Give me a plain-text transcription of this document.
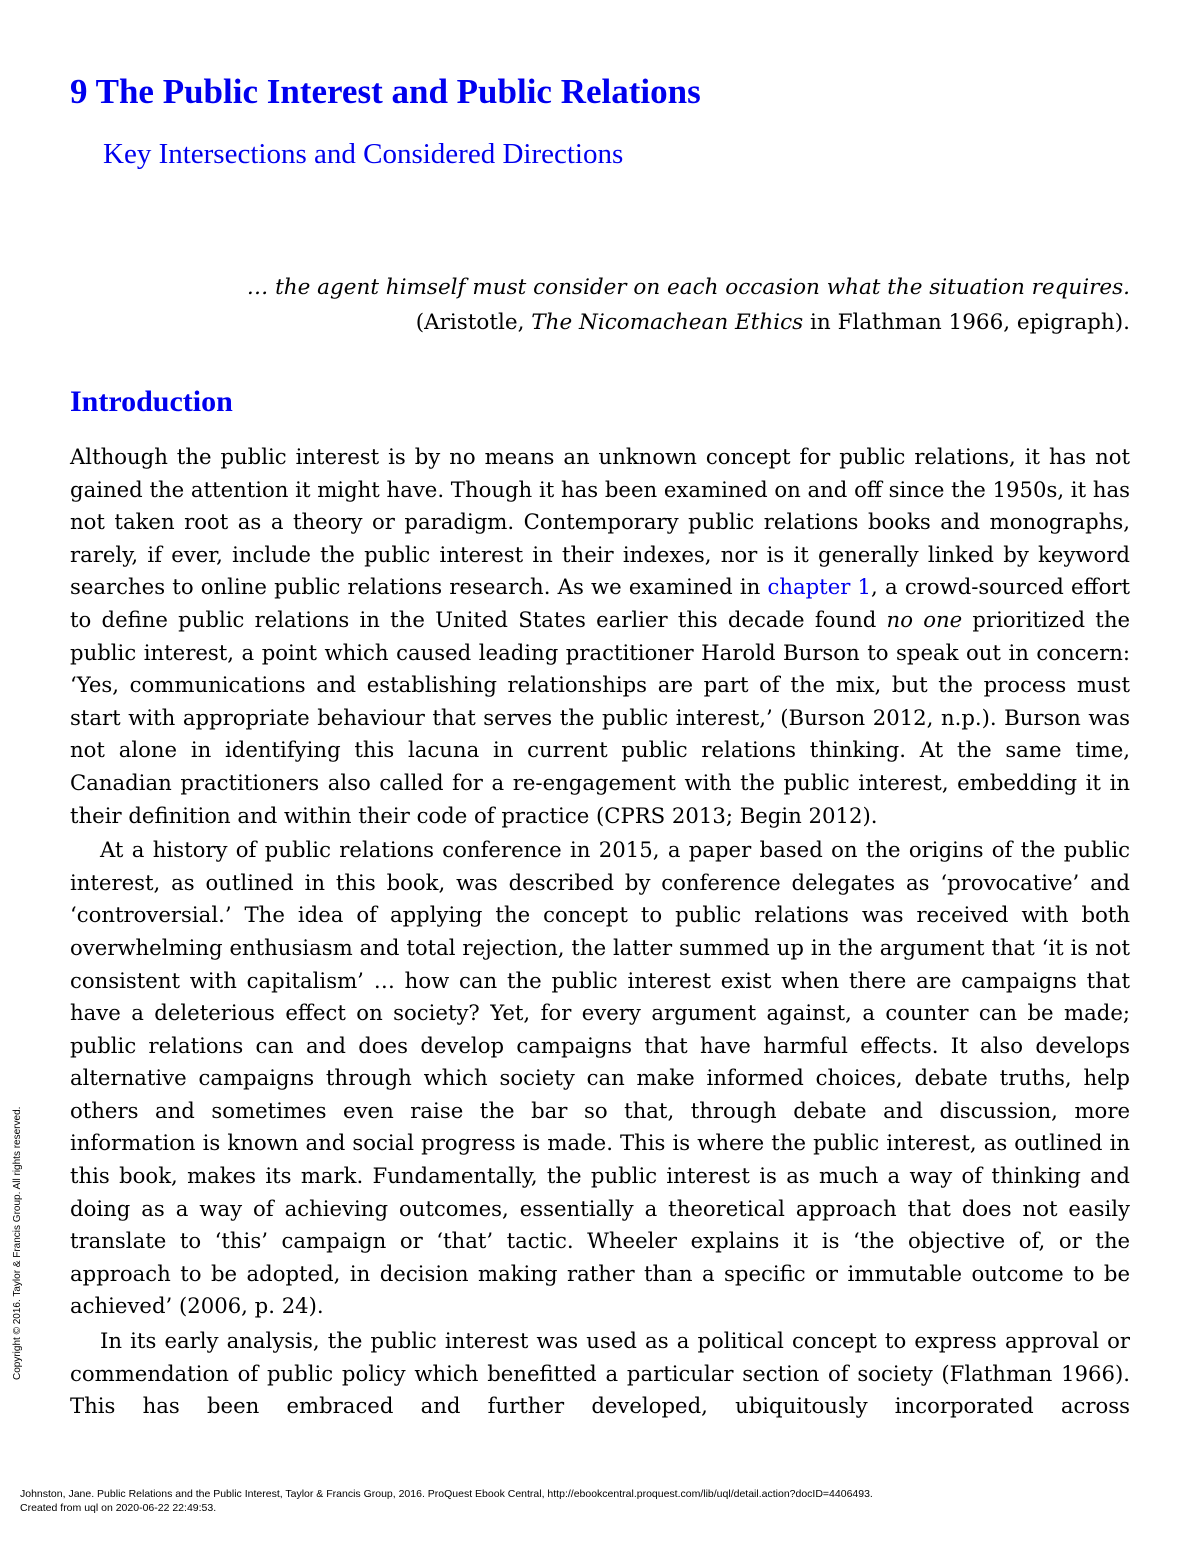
9 The Public Interest and Public Relations
Key Intersections and Considered Directions
… the agent himself must consider on each occasion what the situation requires.
(Aristotle, The Nicomachean Ethics in Flathman 1966, epigraph).
Introduction

Although the public interest is by no means an unknown concept for public relations, it has not gained the attention it might have. Though it has been examined on and off since the 1950s, it has not taken root as a theory or paradigm. Contemporary public relations books and monographs, rarely, if ever, include the public interest in their indexes, nor is it generally linked by keyword searches to online public relations research. As we examined in chapter 1, a crowd-sourced effort to define public relations in the United States earlier this decade found no one prioritized the public interest, a point which caused leading practitioner Harold Burson to speak out in concern: ‘Yes, communications and establishing relationships are part of the mix, but the process must start with appropriate behaviour that serves the public interest,’ (Burson 2012, n.p.). Burson was not alone in identifying this lacuna in current public relations thinking. At the same time, Canadian practitioners also called for a re-engagement with the public interest, embedding it in their definition and within their code of practice (CPRS 2013; Begin 2012).

At a history of public relations conference in 2015, a paper based on the origins of the public interest, as outlined in this book, was described by conference delegates as ‘provocative’ and ‘controversial.’ The idea of applying the concept to public relations was received with both overwhelming enthusiasm and total rejection, the latter summed up in the argument that ‘it is not consistent with capitalism’ … how can the public interest exist when there are campaigns that have a deleterious effect on society? Yet, for every argument against, a counter can be made; public relations can and does develop campaigns that have harmful effects. It also develops alternative campaigns through which society can make informed choices, debate truths, help others and sometimes even raise the bar so that, through debate and discussion, more information is known and social progress is made. This is where the public interest, as outlined in this book, makes its mark. Fundamentally, the public interest is as much a way of thinking and doing as a way of achieving outcomes, essentially a theoretical approach that does not easily translate to ‘this’ campaign or ‘that’ tactic. Wheeler explains it is ‘the objective of, or the approach to be adopted, in decision making rather than a specific or immutable outcome to be achieved’ (2006, p. 24).

In its early analysis, the public interest was used as a political concept to express approval or commendation of public policy which benefitted a particular section of society (Flathman 1966). This has been embraced and further developed, ubiquitously incorporated across

Copyright © 2016. Taylor & Francis Group. All rights reserved.
Johnston, Jane. Public Relations and the Public Interest, Taylor & Francis Group, 2016. ProQuest Ebook Central, http://ebookcentral.proquest.com/lib/uql/detail.action?docID=4406493.
Created from uql on 2020-06-22 22:49:53.
